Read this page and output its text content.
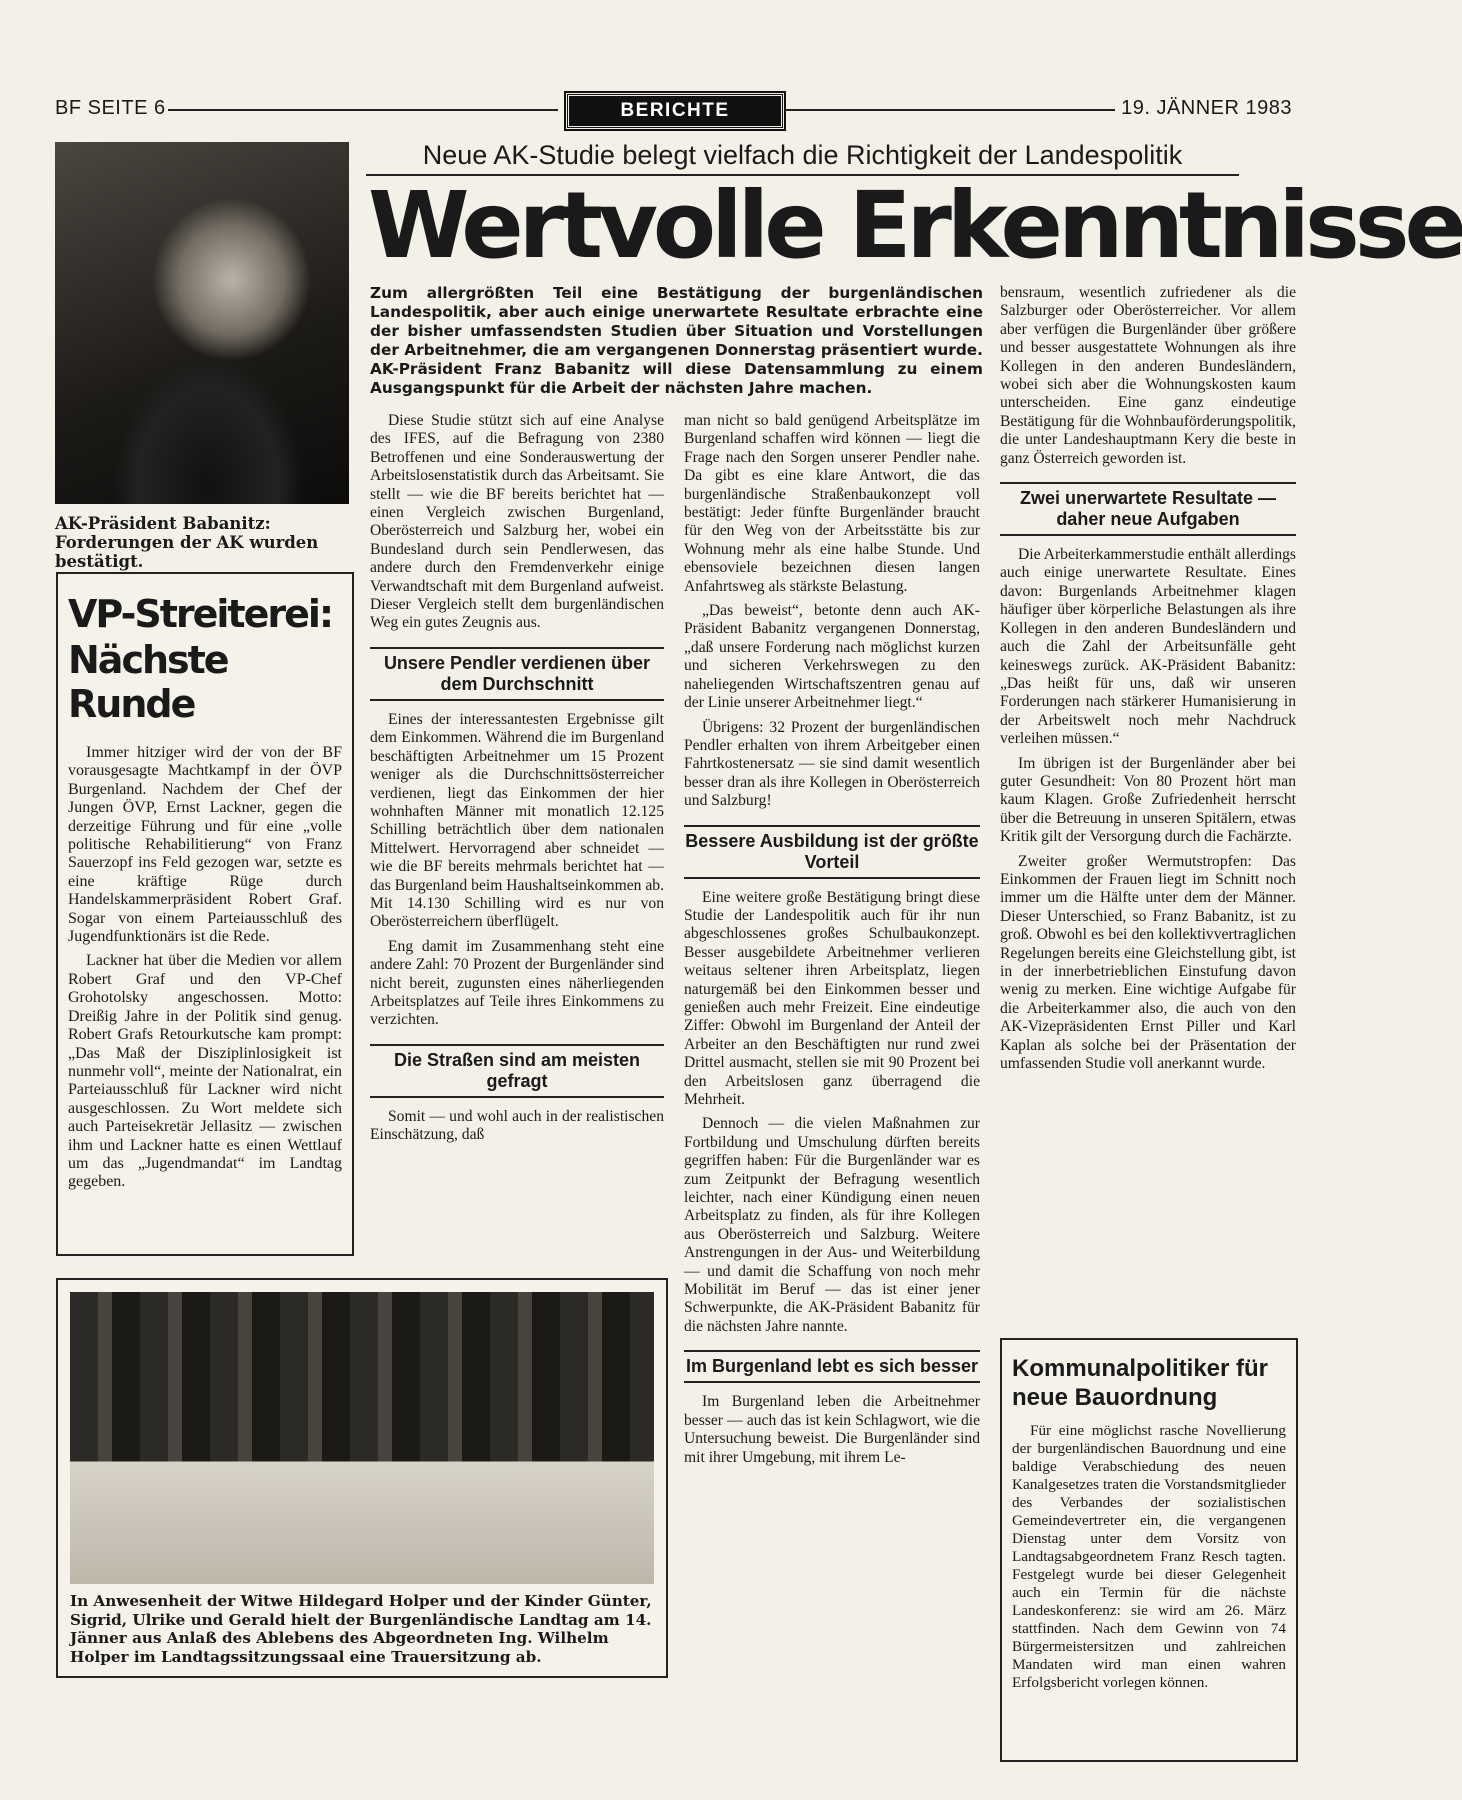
BF SEITE 6	BERICHTE	19. JÄNNER 1983
AK-Präsident Babanitz: Forderungen der AK wurden bestätigt.
VP-Streiterei:
Nächste Runde

Immer hitziger wird der von der BF vorausgesagte Machtkampf in der ÖVP Burgenland. Nachdem der Chef der Jungen ÖVP, Ernst Lackner, gegen die derzeitige Führung und für eine „volle politische Rehabilitierung“ von Franz Sauerzopf ins Feld gezogen war, setzte es eine kräftige Rüge durch Handelskammerpräsident Robert Graf. Sogar von einem Parteiausschluß des Jugendfunktionärs ist die Rede.

Lackner hat über die Medien vor allem Robert Graf und den VP-Chef Grohotolsky angeschossen. Motto: Dreißig Jahre in der Politik sind genug. Robert Grafs Retourkutsche kam prompt: „Das Maß der Disziplinlosigkeit ist nunmehr voll“, meinte der Nationalrat, ein Parteiausschluß für Lackner wird nicht ausgeschlossen. Zu Wort meldete sich auch Parteisekretär Jellasitz — zwischen ihm und Lackner hatte es einen Wettlauf um das „Jugendmandat“ im Landtag gegeben.

In Anwesenheit der Witwe Hildegard Holper und der Kinder Günter, Sigrid, Ulrike und Gerald hielt der Burgenländische Landtag am 14. Jänner aus Anlaß des Ablebens des Abgeordneten Ing. Wilhelm Holper im Landtagssitzungssaal eine Trauersitzung ab.
Neue AK-Studie belegt vielfach die Richtigkeit der Landespolitik
Wertvolle Erkenntnisse
Zum allergrößten Teil eine Bestätigung der burgenländischen Landespolitik, aber auch einige unerwartete Resultate erbrachte eine der bisher umfassendsten Studien über Situation und Vorstellungen der Arbeitnehmer, die am vergangenen Donnerstag präsentiert wurde. AK-Präsident Franz Babanitz will diese Datensammlung zu einem Ausgangspunkt für die Arbeit der nächsten Jahre machen.

Diese Studie stützt sich auf eine Analyse des IFES, auf die Befragung von 2380 Betroffenen und eine Sonderauswertung der Arbeitslosenstatistik durch das Arbeitsamt. Sie stellt — wie die BF bereits berichtet hat — einen Vergleich zwischen Burgenland, Oberösterreich und Salzburg her, wobei ein Bundesland durch sein Pendlerwesen, das andere durch den Fremdenverkehr einige Verwandtschaft mit dem Burgenland aufweist. Dieser Vergleich stellt dem burgenländischen Weg ein gutes Zeugnis aus.

Unsere Pendler verdienen über dem Durchschnitt

Eines der interessantesten Ergebnisse gilt dem Einkommen. Während die im Burgenland beschäftigten Arbeitnehmer um 15 Prozent weniger als die Durchschnittsösterreicher verdienen, liegt das Einkommen der hier wohnhaften Männer mit monatlich 12.125 Schilling beträchtlich über dem nationalen Mittelwert. Hervorragend aber schneidet — wie die BF bereits mehrmals berichtet hat — das Burgenland beim Haushaltseinkommen ab. Mit 14.130 Schilling wird es nur von Oberösterreichern überflügelt.

Eng damit im Zusammenhang steht eine andere Zahl: 70 Prozent der Burgenländer sind nicht bereit, zugunsten eines näherliegenden Arbeitsplatzes auf Teile ihres Einkommens zu verzichten.

Die Straßen sind am meisten gefragt

Somit — und wohl auch in der realistischen Einschätzung, daß

man nicht so bald genügend Arbeitsplätze im Burgenland schaffen wird können — liegt die Frage nach den Sorgen unserer Pendler nahe. Da gibt es eine klare Antwort, die das burgenländische Straßenbaukonzept voll bestätigt: Jeder fünfte Burgenländer braucht für den Weg von der Arbeitsstätte bis zur Wohnung mehr als eine halbe Stunde. Und ebensoviele bezeichnen diesen langen Anfahrtsweg als stärkste Belastung.

„Das beweist“, betonte denn auch AK-Präsident Babanitz vergangenen Donnerstag, „daß unsere Forderung nach möglichst kurzen und sicheren Verkehrswegen zu den naheliegenden Wirtschaftszentren genau auf der Linie unserer Arbeitnehmer liegt.“

Übrigens: 32 Prozent der burgenländischen Pendler erhalten von ihrem Arbeitgeber einen Fahrtkostenersatz — sie sind damit wesentlich besser dran als ihre Kollegen in Oberösterreich und Salzburg!

Bessere Ausbildung ist der größte Vorteil

Eine weitere große Bestätigung bringt diese Studie der Landespolitik auch für ihr nun abgeschlossenes großes Schulbaukonzept. Besser ausgebildete Arbeitnehmer verlieren weitaus seltener ihren Arbeitsplatz, liegen naturgemäß bei den Einkommen besser und genießen auch mehr Freizeit. Eine eindeutige Ziffer: Obwohl im Burgenland der Anteil der Arbeiter an den Beschäftigten nur rund zwei Drittel ausmacht, stellen sie mit 90 Prozent bei den Arbeitslosen ganz überragend die Mehrheit.

Dennoch — die vielen Maßnahmen zur Fortbildung und Umschulung dürften bereits gegriffen haben: Für die Burgenländer war es zum Zeitpunkt der Befragung wesentlich leichter, nach einer Kündigung einen neuen Arbeitsplatz zu finden, als für ihre Kollegen aus Oberösterreich und Salzburg. Weitere Anstrengungen in der Aus- und Weiterbildung — und damit die Schaffung von noch mehr Mobilität im Beruf — das ist einer jener Schwerpunkte, die AK-Präsident Babanitz für die nächsten Jahre nannte.

Im Burgenland lebt es sich besser

Im Burgenland leben die Arbeitnehmer besser — auch das ist kein Schlagwort, wie die Untersuchung beweist. Die Burgenländer sind mit ihrer Umgebung, mit ihrem Le-

bensraum, wesentlich zufriedener als die Salzburger oder Oberösterreicher. Vor allem aber verfügen die Burgenländer über größere und besser ausgestattete Wohnungen als ihre Kollegen in den anderen Bundesländern, wobei sich aber die Wohnungskosten kaum unterscheiden. Eine ganz eindeutige Bestätigung für die Wohnbauförderungspolitik, die unter Landeshauptmann Kery die beste in ganz Österreich geworden ist.

Zwei unerwartete Resultate — daher neue Aufgaben

Die Arbeiterkammerstudie enthält allerdings auch einige unerwartete Resultate. Eines davon: Burgenlands Arbeitnehmer klagen häufiger über körperliche Belastungen als ihre Kollegen in den anderen Bundesländern und auch die Zahl der Arbeitsunfälle geht keineswegs zurück. AK-Präsident Babanitz: „Das heißt für uns, daß wir unseren Forderungen nach stärkerer Humanisierung in der Arbeitswelt noch mehr Nachdruck verleihen müssen.“

Im übrigen ist der Burgenländer aber bei guter Gesundheit: Von 80 Prozent hört man kaum Klagen. Große Zufriedenheit herrscht über die Betreuung in unseren Spitälern, etwas Kritik gilt der Versorgung durch die Fachärzte.

Zweiter großer Wermutstropfen: Das Einkommen der Frauen liegt im Schnitt noch immer um die Hälfte unter dem der Männer. Dieser Unterschied, so Franz Babanitz, ist zu groß. Obwohl es bei den kollektivvertraglichen Regelungen bereits eine Gleichstellung gibt, ist in der innerbetrieblichen Einstufung davon wenig zu merken. Eine wichtige Aufgabe für die Arbeiterkammer also, die auch von den AK-Vizepräsidenten Ernst Piller und Karl Kaplan als solche bei der Präsentation der umfassenden Studie voll anerkannt wurde.

Kommunalpolitiker für neue Bauordnung

Für eine möglichst rasche Novellierung der burgenländischen Bauordnung und eine baldige Verabschiedung des neuen Kanalgesetzes traten die Vorstandsmitglieder des Verbandes der sozialistischen Gemeindevertreter ein, die vergangenen Dienstag unter dem Vorsitz von Landtagsabgeordnetem Franz Resch tagten. Festgelegt wurde bei dieser Gelegenheit auch ein Termin für die nächste Landeskonferenz: sie wird am 26. März stattfinden. Nach dem Gewinn von 74 Bürgermeistersitzen und zahlreichen Mandaten wird man einen wahren Erfolgsbericht vorlegen können.
